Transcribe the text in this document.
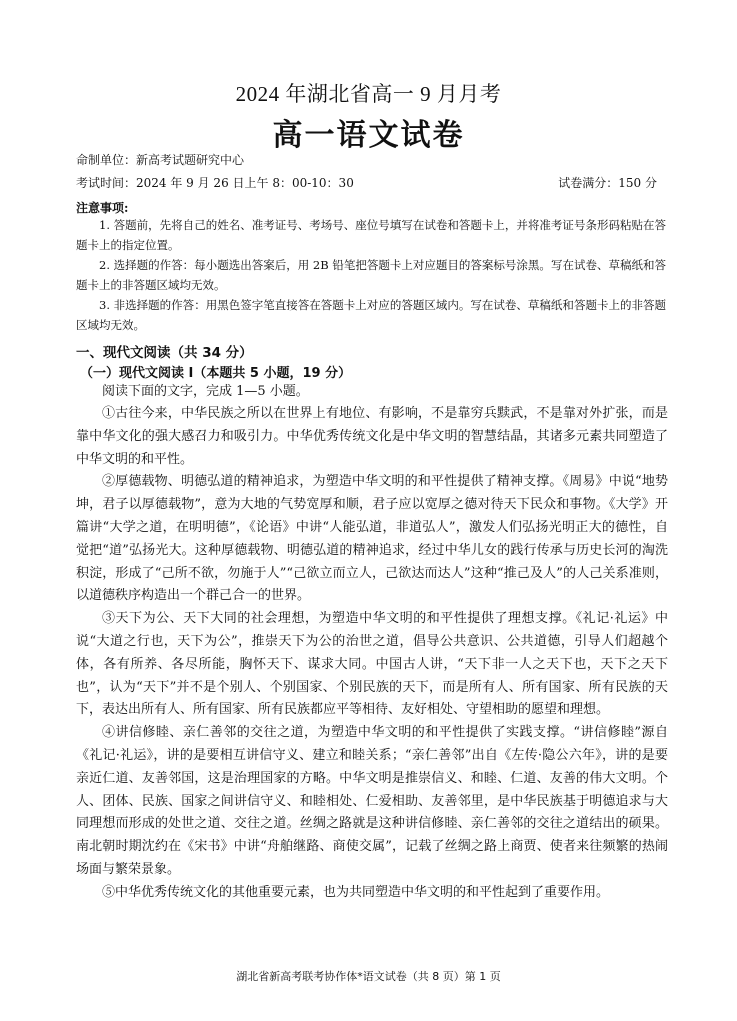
2024 年湖北省高一 9 月月考
高一语文试卷
命制单位：新高考试题研究中心
考试时间：2024 年 9 月 26 日上午 8：00-10：30	试卷满分：150 分
注意事项:
1. 答题前，先将自己的姓名、准考证号、考场号、座位号填写在试卷和答题卡上，并将准考证号条形码粘贴在答题卡上的指定位置。
2. 选择题的作答：每小题选出答案后，用 2B 铅笔把答题卡上对应题目的答案标号涂黑。写在试卷、草稿纸和答题卡上的非答题区域均无效。
3. 非选择题的作答：用黑色签字笔直接答在答题卡上对应的答题区域内。写在试卷、草稿纸和答题卡上的非答题区域均无效。
一、现代文阅读（共 34 分）
（一）现代文阅读 I（本题共 5 小题，19 分）
阅读下面的文字，完成 1—5 小题。

①古往今来，中华民族之所以在世界上有地位、有影响，不是靠穷兵黩武，不是靠对外扩张，而是靠中华文化的强大感召力和吸引力。中华优秀传统文化是中华文明的智慧结晶，其诸多元素共同塑造了中华文明的和平性。

②厚德载物、明德弘道的精神追求，为塑造中华文明的和平性提供了精神支撑。《周易》中说“地势坤，君子以厚德载物”，意为大地的气势宽厚和顺，君子应以宽厚之德对待天下民众和事物。《大学》开篇讲“大学之道，在明明德”，《论语》中讲“人能弘道，非道弘人”，激发人们弘扬光明正大的德性，自觉把“道”弘扬光大。这种厚德载物、明德弘道的精神追求，经过中华儿女的践行传承与历史长河的淘洗积淀，形成了“己所不欲，勿施于人”“己欲立而立人，己欲达而达人”这种“推己及人”的人己关系准则，以道德秩序构造出一个群己合一的世界。

③天下为公、天下大同的社会理想，为塑造中华文明的和平性提供了理想支撑。《礼记·礼运》中说“大道之行也，天下为公”，推崇天下为公的治世之道，倡导公共意识、公共道德，引导人们超越个体，各有所养、各尽所能，胸怀天下、谋求大同。中国古人讲，“天下非一人之天下也，天下之天下也”，认为“天下”并不是个别人、个别国家、个别民族的天下，而是所有人、所有国家、所有民族的天下，表达出所有人、所有国家、所有民族都应平等相待、友好相处、守望相助的愿望和理想。

④讲信修睦、亲仁善邻的交往之道，为塑造中华文明的和平性提供了实践支撑。“讲信修睦”源自《礼记·礼运》，讲的是要相互讲信守义、建立和睦关系；“亲仁善邻”出自《左传·隐公六年》，讲的是要亲近仁道、友善邻国，这是治理国家的方略。中华文明是推崇信义、和睦、仁道、友善的伟大文明。个人、团体、民族、国家之间讲信守义、和睦相处、仁爱相助、友善邻里，是中华民族基于明德追求与大同理想而形成的处世之道、交往之道。丝绸之路就是这种讲信修睦、亲仁善邻的交往之道结出的硕果。南北朝时期沈约在《宋书》中讲“舟舶继路、商使交属”，记载了丝绸之路上商贾、使者来往频繁的热闹场面与繁荣景象。

⑤中华优秀传统文化的其他重要元素，也为共同塑造中华文明的和平性起到了重要作用。

湖北省新高考联考协作体*语文试卷（共 8 页）第 1 页
